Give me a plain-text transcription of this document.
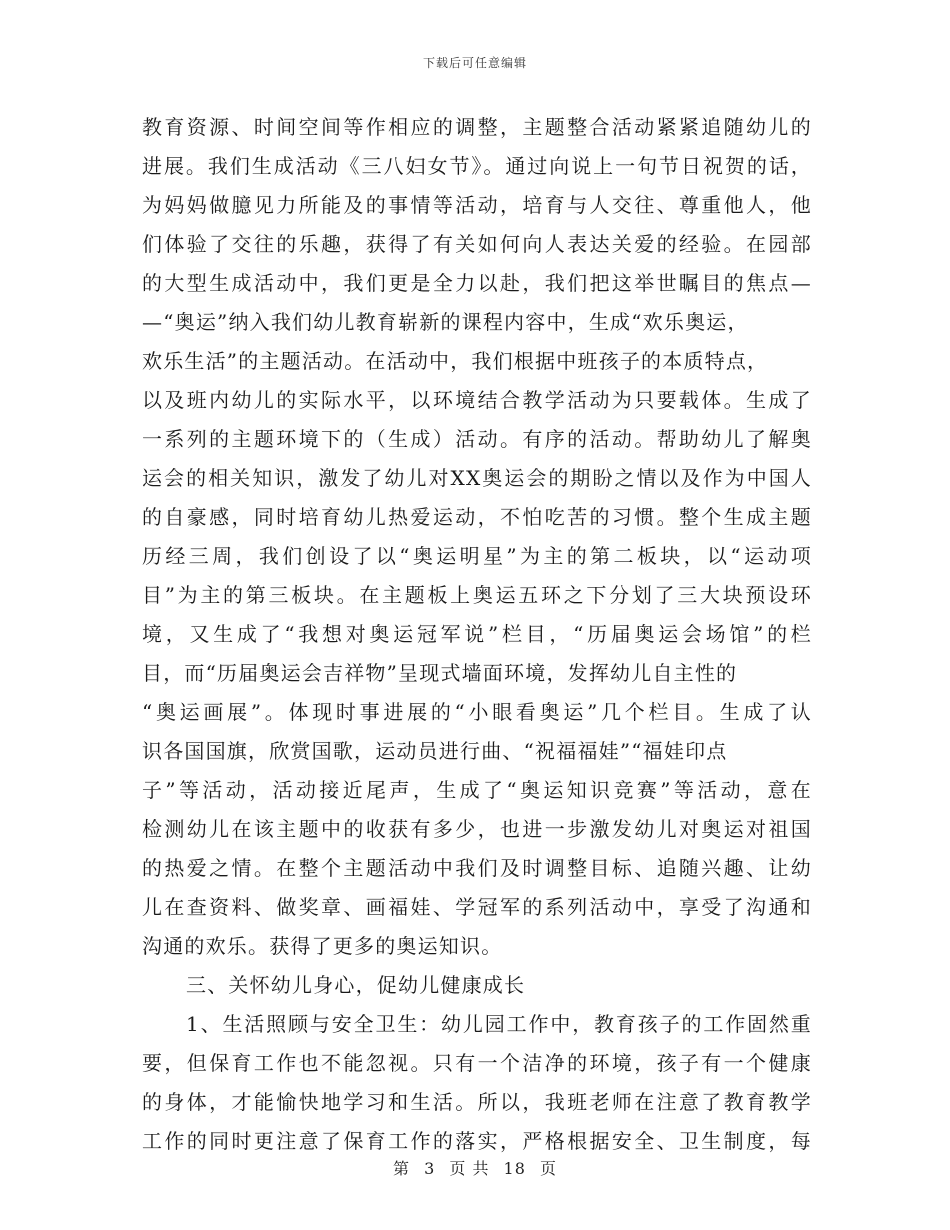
下载后可任意编辑
教育资源、时间空间等作相应的调整，主题整合活动紧紧追随幼儿的
进展。我们生成活动《三八妇女节》。通过向说上一句节日祝贺的话，
为妈妈做臆见力所能及的事情等活动，培育与人交往、尊重他人，他
们体验了交往的乐趣，获得了有关如何向人表达关爱的经验。在园部
的大型生成活动中，我们更是全力以赴，我们把这举世瞩目的焦点—
—“奥运”纳入我们幼儿教育崭新的课程内容中，生成“欢乐奥运，
欢乐生活”的主题活动。在活动中，我们根据中班孩子的本质特点，
以及班内幼儿的实际水平，以环境结合教学活动为只要载体。生成了
一系列的主题环境下的（生成）活动。有序的活动。帮助幼儿了解奥
运会的相关知识，激发了幼儿对XX奥运会的期盼之情以及作为中国人
的自豪感，同时培育幼儿热爱运动，不怕吃苦的习惯。整个生成主题
历经三周，我们创设了以“奥运明星”为主的第二板块，以“运动项
目”为主的第三板块。在主题板上奥运五环之下分划了三大块预设环
境，又生成了“我想对奥运冠军说”栏目，“历届奥运会场馆”的栏
目，而“历届奥运会吉祥物”呈现式墙面环境，发挥幼儿自主性的
“奥运画展”。体现时事进展的“小眼看奥运”几个栏目。生成了认
识各国国旗，欣赏国歌，运动员进行曲、“祝福福娃”“福娃印点
子”等活动，活动接近尾声，生成了“奥运知识竞赛”等活动，意在
检测幼儿在该主题中的收获有多少，也进一步激发幼儿对奥运对祖国
的热爱之情。在整个主题活动中我们及时调整目标、追随兴趣、让幼
儿在查资料、做奖章、画福娃、学冠军的系列活动中，享受了沟通和
沟通的欢乐。获得了更多的奥运知识。
三、关怀幼儿身心，促幼儿健康成长
1、生活照顾与安全卫生：幼儿园工作中，教育孩子的工作固然重
要，但保育工作也不能忽视。只有一个洁净的环境，孩子有一个健康
的身体，才能愉快地学习和生活。所以，我班老师在注意了教育教学
工作的同时更注意了保育工作的落实，严格根据安全、卫生制度，每
第 3 页 共 18 页
